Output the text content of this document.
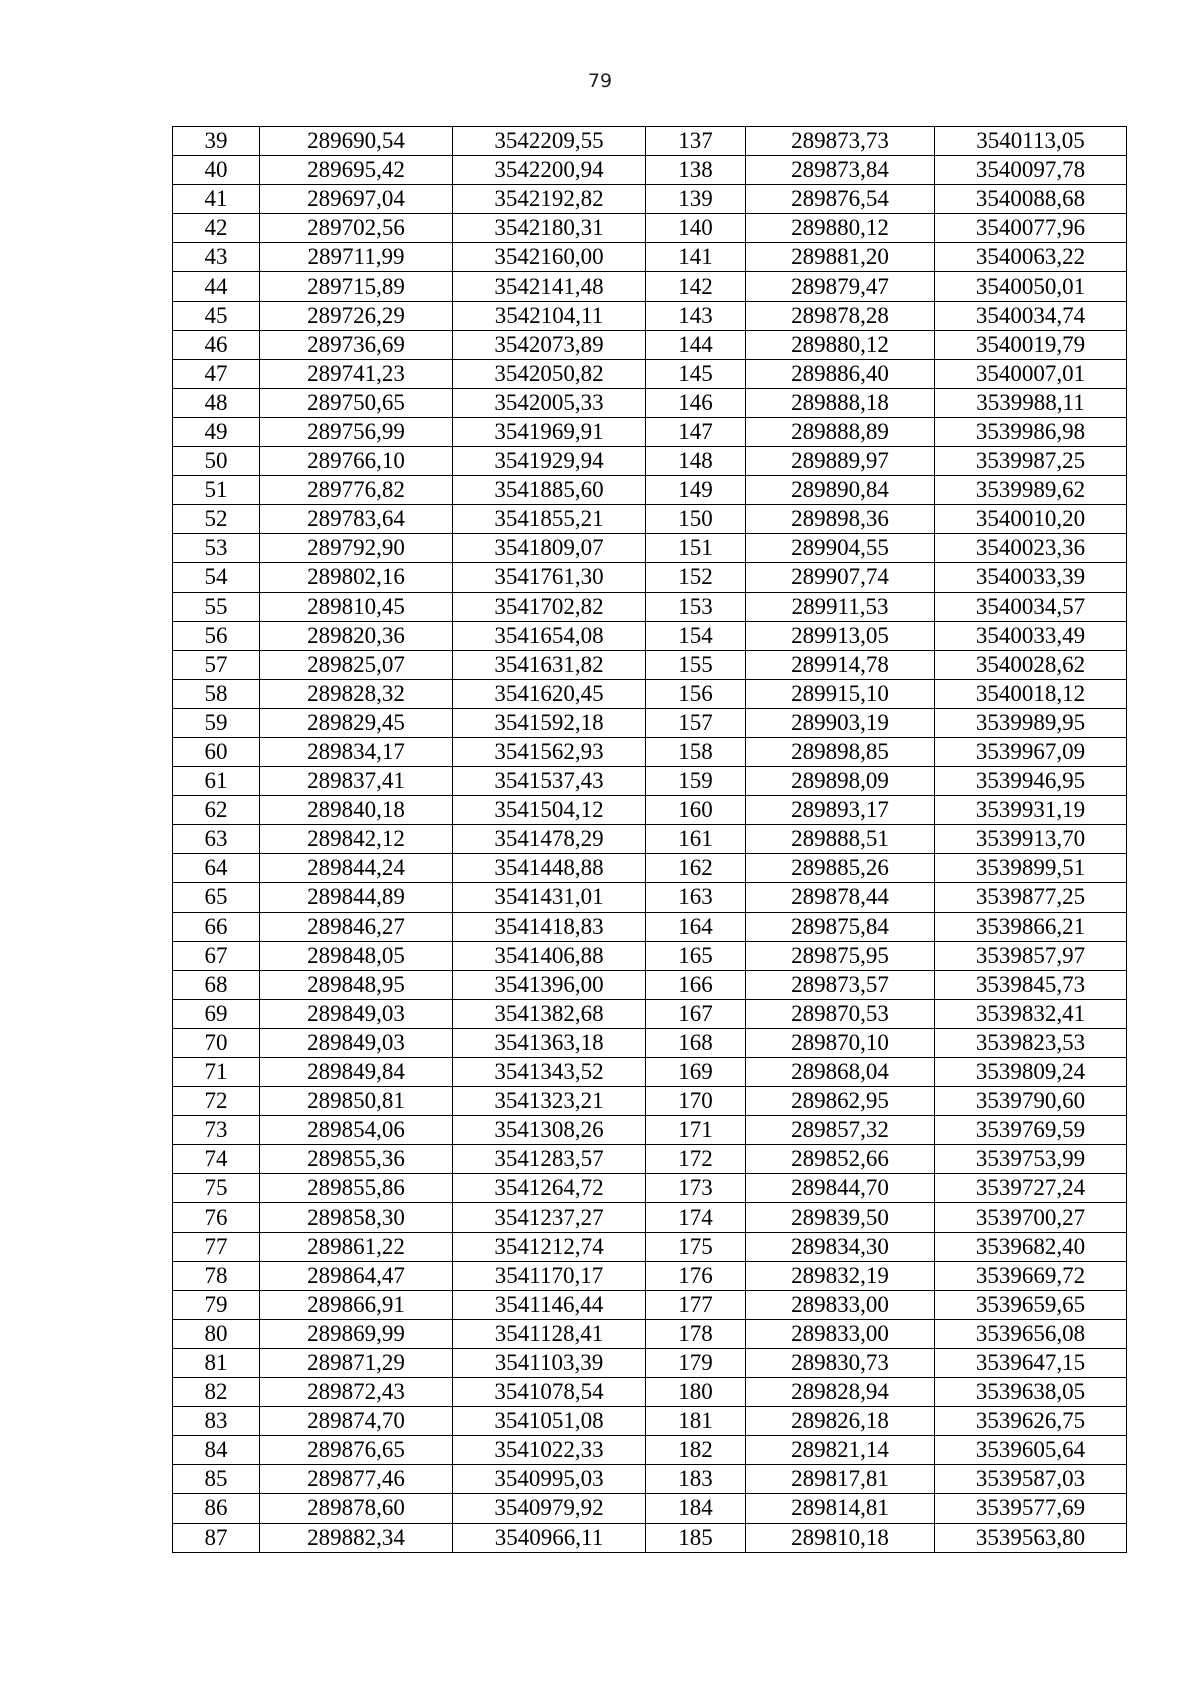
79
39	289690,54	3542209,55	137	289873,73	3540113,05
40	289695,42	3542200,94	138	289873,84	3540097,78
41	289697,04	3542192,82	139	289876,54	3540088,68
42	289702,56	3542180,31	140	289880,12	3540077,96
43	289711,99	3542160,00	141	289881,20	3540063,22
44	289715,89	3542141,48	142	289879,47	3540050,01
45	289726,29	3542104,11	143	289878,28	3540034,74
46	289736,69	3542073,89	144	289880,12	3540019,79
47	289741,23	3542050,82	145	289886,40	3540007,01
48	289750,65	3542005,33	146	289888,18	3539988,11
49	289756,99	3541969,91	147	289888,89	3539986,98
50	289766,10	3541929,94	148	289889,97	3539987,25
51	289776,82	3541885,60	149	289890,84	3539989,62
52	289783,64	3541855,21	150	289898,36	3540010,20
53	289792,90	3541809,07	151	289904,55	3540023,36
54	289802,16	3541761,30	152	289907,74	3540033,39
55	289810,45	3541702,82	153	289911,53	3540034,57
56	289820,36	3541654,08	154	289913,05	3540033,49
57	289825,07	3541631,82	155	289914,78	3540028,62
58	289828,32	3541620,45	156	289915,10	3540018,12
59	289829,45	3541592,18	157	289903,19	3539989,95
60	289834,17	3541562,93	158	289898,85	3539967,09
61	289837,41	3541537,43	159	289898,09	3539946,95
62	289840,18	3541504,12	160	289893,17	3539931,19
63	289842,12	3541478,29	161	289888,51	3539913,70
64	289844,24	3541448,88	162	289885,26	3539899,51
65	289844,89	3541431,01	163	289878,44	3539877,25
66	289846,27	3541418,83	164	289875,84	3539866,21
67	289848,05	3541406,88	165	289875,95	3539857,97
68	289848,95	3541396,00	166	289873,57	3539845,73
69	289849,03	3541382,68	167	289870,53	3539832,41
70	289849,03	3541363,18	168	289870,10	3539823,53
71	289849,84	3541343,52	169	289868,04	3539809,24
72	289850,81	3541323,21	170	289862,95	3539790,60
73	289854,06	3541308,26	171	289857,32	3539769,59
74	289855,36	3541283,57	172	289852,66	3539753,99
75	289855,86	3541264,72	173	289844,70	3539727,24
76	289858,30	3541237,27	174	289839,50	3539700,27
77	289861,22	3541212,74	175	289834,30	3539682,40
78	289864,47	3541170,17	176	289832,19	3539669,72
79	289866,91	3541146,44	177	289833,00	3539659,65
80	289869,99	3541128,41	178	289833,00	3539656,08
81	289871,29	3541103,39	179	289830,73	3539647,15
82	289872,43	3541078,54	180	289828,94	3539638,05
83	289874,70	3541051,08	181	289826,18	3539626,75
84	289876,65	3541022,33	182	289821,14	3539605,64
85	289877,46	3540995,03	183	289817,81	3539587,03
86	289878,60	3540979,92	184	289814,81	3539577,69
87	289882,34	3540966,11	185	289810,18	3539563,80
